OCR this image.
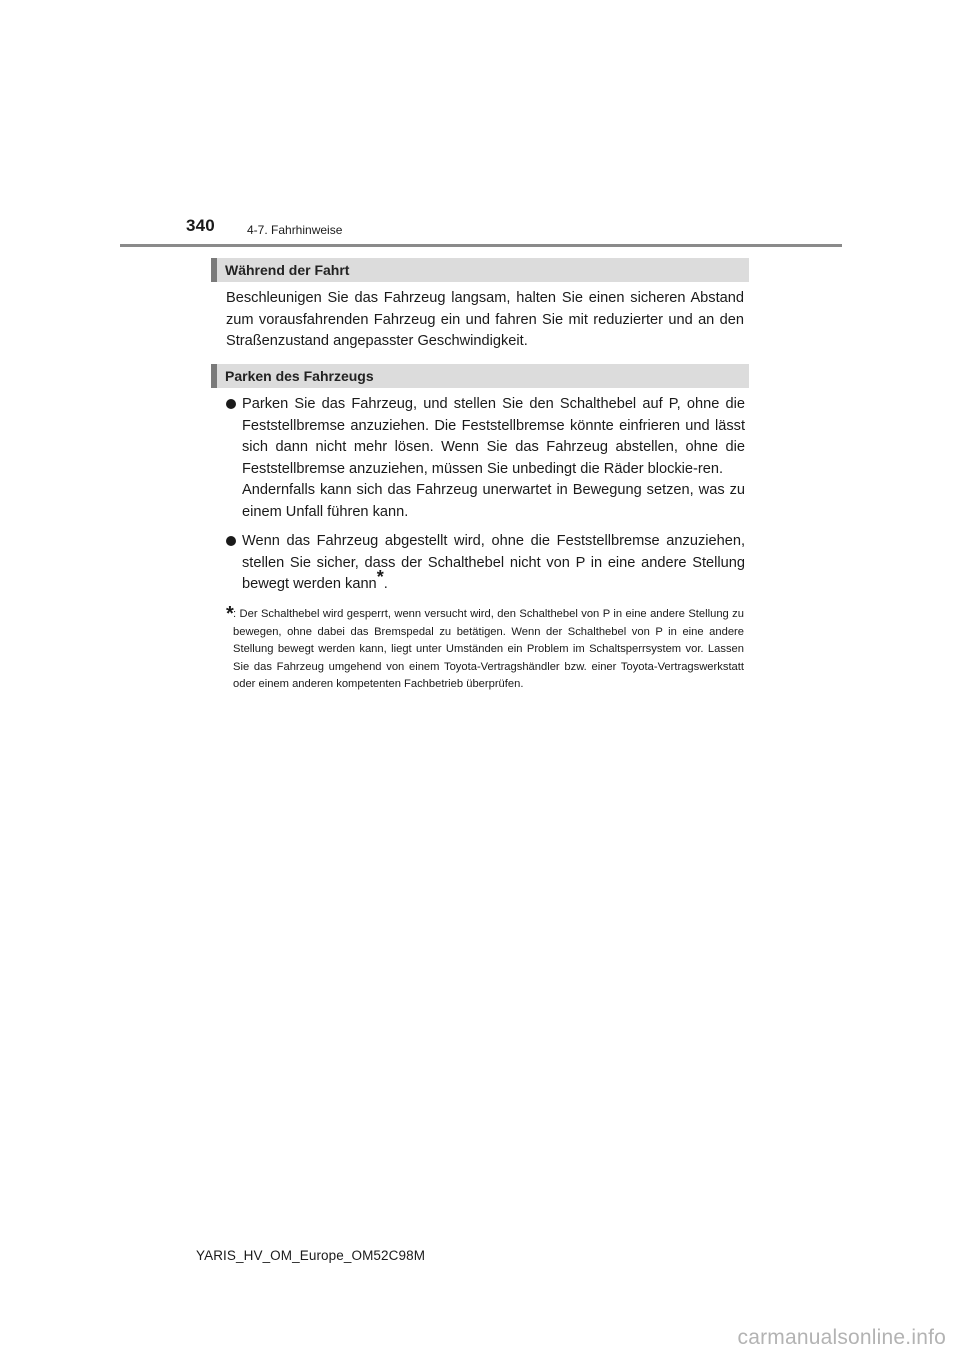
340	4-7. Fahrhinweise
Während der Fahrt
Beschleunigen Sie das Fahrzeug langsam, halten Sie einen sicheren Abstand zum vorausfahrenden Fahrzeug ein und fahren Sie mit reduzierter und an den Straßenzustand angepasster Geschwindigkeit.
Parken des Fahrzeugs

Parken Sie das Fahrzeug, und stellen Sie den Schalthebel auf P, ohne die Feststellbremse anzuziehen. Die Feststellbremse könnte einfrieren und lässt sich dann nicht mehr lösen. Wenn Sie das Fahrzeug abstellen, ohne die Feststellbremse anzuziehen, müssen Sie unbedingt die Räder blockie-ren.

Andernfalls kann sich das Fahrzeug unerwartet in Bewegung setzen, was zu einem Unfall führen kann.

Wenn das Fahrzeug abgestellt wird, ohne die Feststellbremse anzuziehen, stellen Sie sicher, dass der Schalthebel nicht von P in eine andere Stellung bewegt werden kann*.

* : Der Schalthebel wird gesperrt, wenn versucht wird, den Schalthebel von P in eine andere Stellung zu bewegen, ohne dabei das Bremspedal zu betätigen. Wenn der Schalthebel von P in eine andere Stellung bewegt werden kann, liegt unter Umständen ein Problem im Schaltsperrsystem vor. Lassen Sie das Fahrzeug umgehend von einem Toyota-Vertragshändler bzw. einer Toyota-Vertragswerkstatt oder einem anderen kompetenten Fachbetrieb überprüfen.
YARIS_HV_OM_Europe_OM52C98M
carmanualsonline.info
